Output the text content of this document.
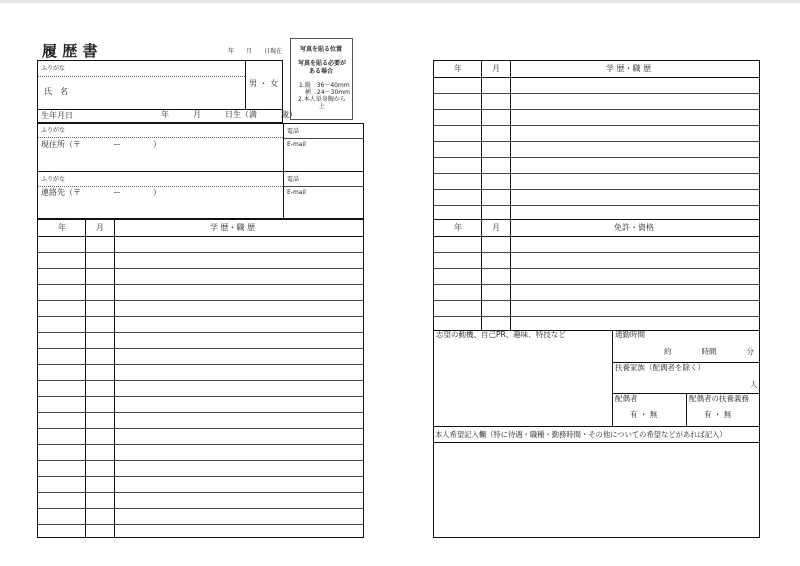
履 歴 書	年　　月　　日現在	写真を貼る位置
写真を貼る必要が
ある場合
1.縦　36～40mm
横　24～30mm
2.本人単身胸から
上
ふりがな
氏　名
男 ・ 女
生年月日	年　　　月　　　日生（満　　　歳）
ふりがな
現住所（〒　　　　ー　　　　）
電話
E-mail
ふりがな
連絡先（〒　　　　ー　　　　）
電話
E-mail
年	月	学 歴・職 歴
年	月	学 歴・職 歴
年	月	免許・資格
志望の動機、自己PR、趣味、特技など	通勤時間
約　　　　時間　　　　分
扶養家族（配偶者を除く）
人
配偶者
有 ・ 無
配偶者の扶養義務
有 ・ 無
本人希望記入欄（特に待遇・職種・勤務時間・その他についての希望などがあれば記入）
